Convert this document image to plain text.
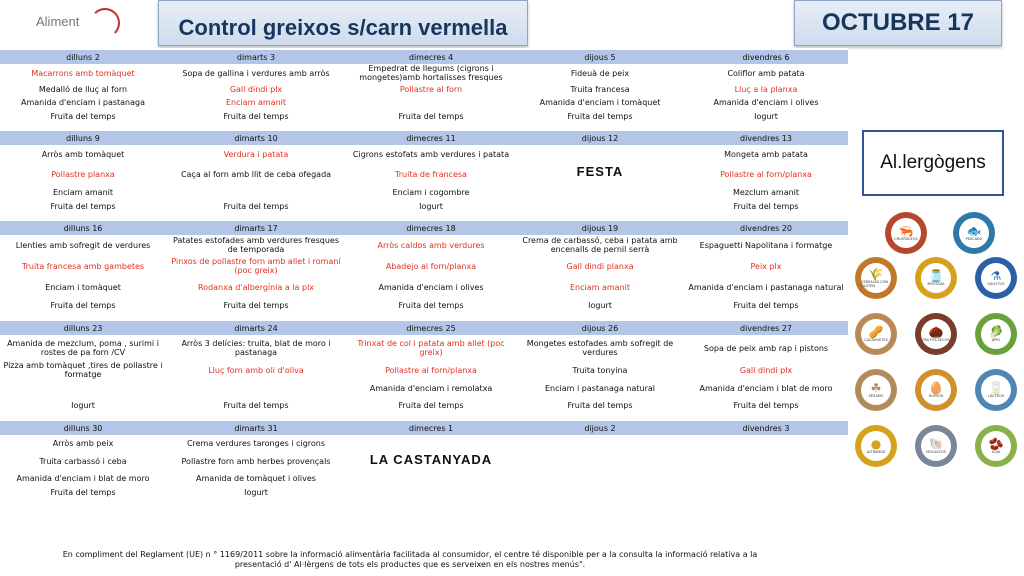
Aliment	Control greixos s/carn vermella	OCTUBRE 17
Al.lergògens
dilluns 2	dimarts 3	dimecres 4	dijous 5	divendres 6
Macarrons amb tomàquet	Sopa de gallina i verdures amb arròs	Empedrat de llegums (cigrons i mongetes)amb hortalisses fresques	Fideuà de peix	Coliflor amb patata
Medalló de lluç al forn	Gall dindi plx	Pollastre al forn	Truita francesa	Lluç a la planxa
Amanida d'enciam i pastanaga	Enciam amanit		Amanida d'enciam i tomàquet	Amanida d'enciam i olives
Fruita del temps	Fruita del temps	Fruita del temps	Fruita del temps	Iogurt

dilluns 9	dimarts 10	dimecres 11	dijous 12	divendres 13
Arròs amb tomàquet	Verdura i patata	Cigrons estofats amb verdures i patata	FESTA	Mongeta amb patata
Pollastre planxa	Caça al forn amb llit de ceba ofegada	Truita de francesa		Pollastre al forn/planxa
Enciam amanit		Enciam i cogombre		Mezclum amanit
Fruita del temps	Fruita del temps	Iogurt		Fruita del temps

dilluns 16	dimarts 17	dimecres 18	dijous 19	divendres 20
Llenties amb sofregit de verdures	Patates estofades amb verdures fresques de temporada	Arròs caldos amb verdures	Crema de carbassó, ceba i patata amb encenalls de pernil serrà	Espaguetti Napolitana i formatge
Truita francesa amb gambetes	Pinxos de pollastre forn amb allet i romaní (poc greix)	Abadejo al forn/planxa	Gall dindi planxa	Peix plx
Enciam i tomàquet	Rodanxa d'albergínia a la plx	Amanida d'enciam i olives	Enciam amanit	Amanida d'enciam i pastanaga natural
Fruita del temps	Fruita del temps	Fruita del temps	Iogurt	Fruita del temps

dilluns 23	dimarts 24	dimecres 25	dijous 26	divendres 27
Amanida de mezclum, poma , surimi i rostes de pa forn /CV	Arròs 3 delícies: truita, blat de moro i pastanaga	Trinxat de col i patata amb allet (poc greix)	Mongetes estofades amb sofregit de verdures	Sopa de peix amb rap i pistons
Pizza amb tomàquet ,tires de pollastre i formatge	Lluç forn amb oli d'oliva	Pollastre al forn/planxa	Truita tonyina	Gall dindi plx
		Amanida d'enciam i remolatxa	Enciam i pastanaga natural	Amanida d'enciam i blat de moro
Iogurt	Fruita del temps	Fruita del temps	Fruita del temps	Fruita del temps

dilluns 30	dimarts 31	dimecres 1	dijous 2	divendres 3
Arròs amb peix	Crema verdures taronges i cigrons	LA CASTANYADA		
Truita carbassó i ceba	Pollastre forn amb herbes provençals			
Amanida d'enciam i blat de moro	Amanida de tomàquet i olives			
Fruita del temps	Iogurt			
En compliment del Reglament (UE) n ° 1169/2011 sobre la informació alimentària facilitada al consumidor, el centre té disponible per a la consulta la informació relativa a la presentació d' Al·lèrgens de tots els productes que es serveixen en els nostres menús".
🦐
CRUSTÁCEOS
🐟
PESCADO
🌾
CEREALES CON GLUTEN
🫙
MOSTAZA
⚗
SULFITOS
🥜
CACAHUETES
🌰
FRUTOS SECOS
🥬
APIO
☘
SÉSAMO
🥚
HUEVOS
🥛
LÁCTEOS
●
ALTRAMUZ
🐚
MOLUSCOS
🫘
SOJA
